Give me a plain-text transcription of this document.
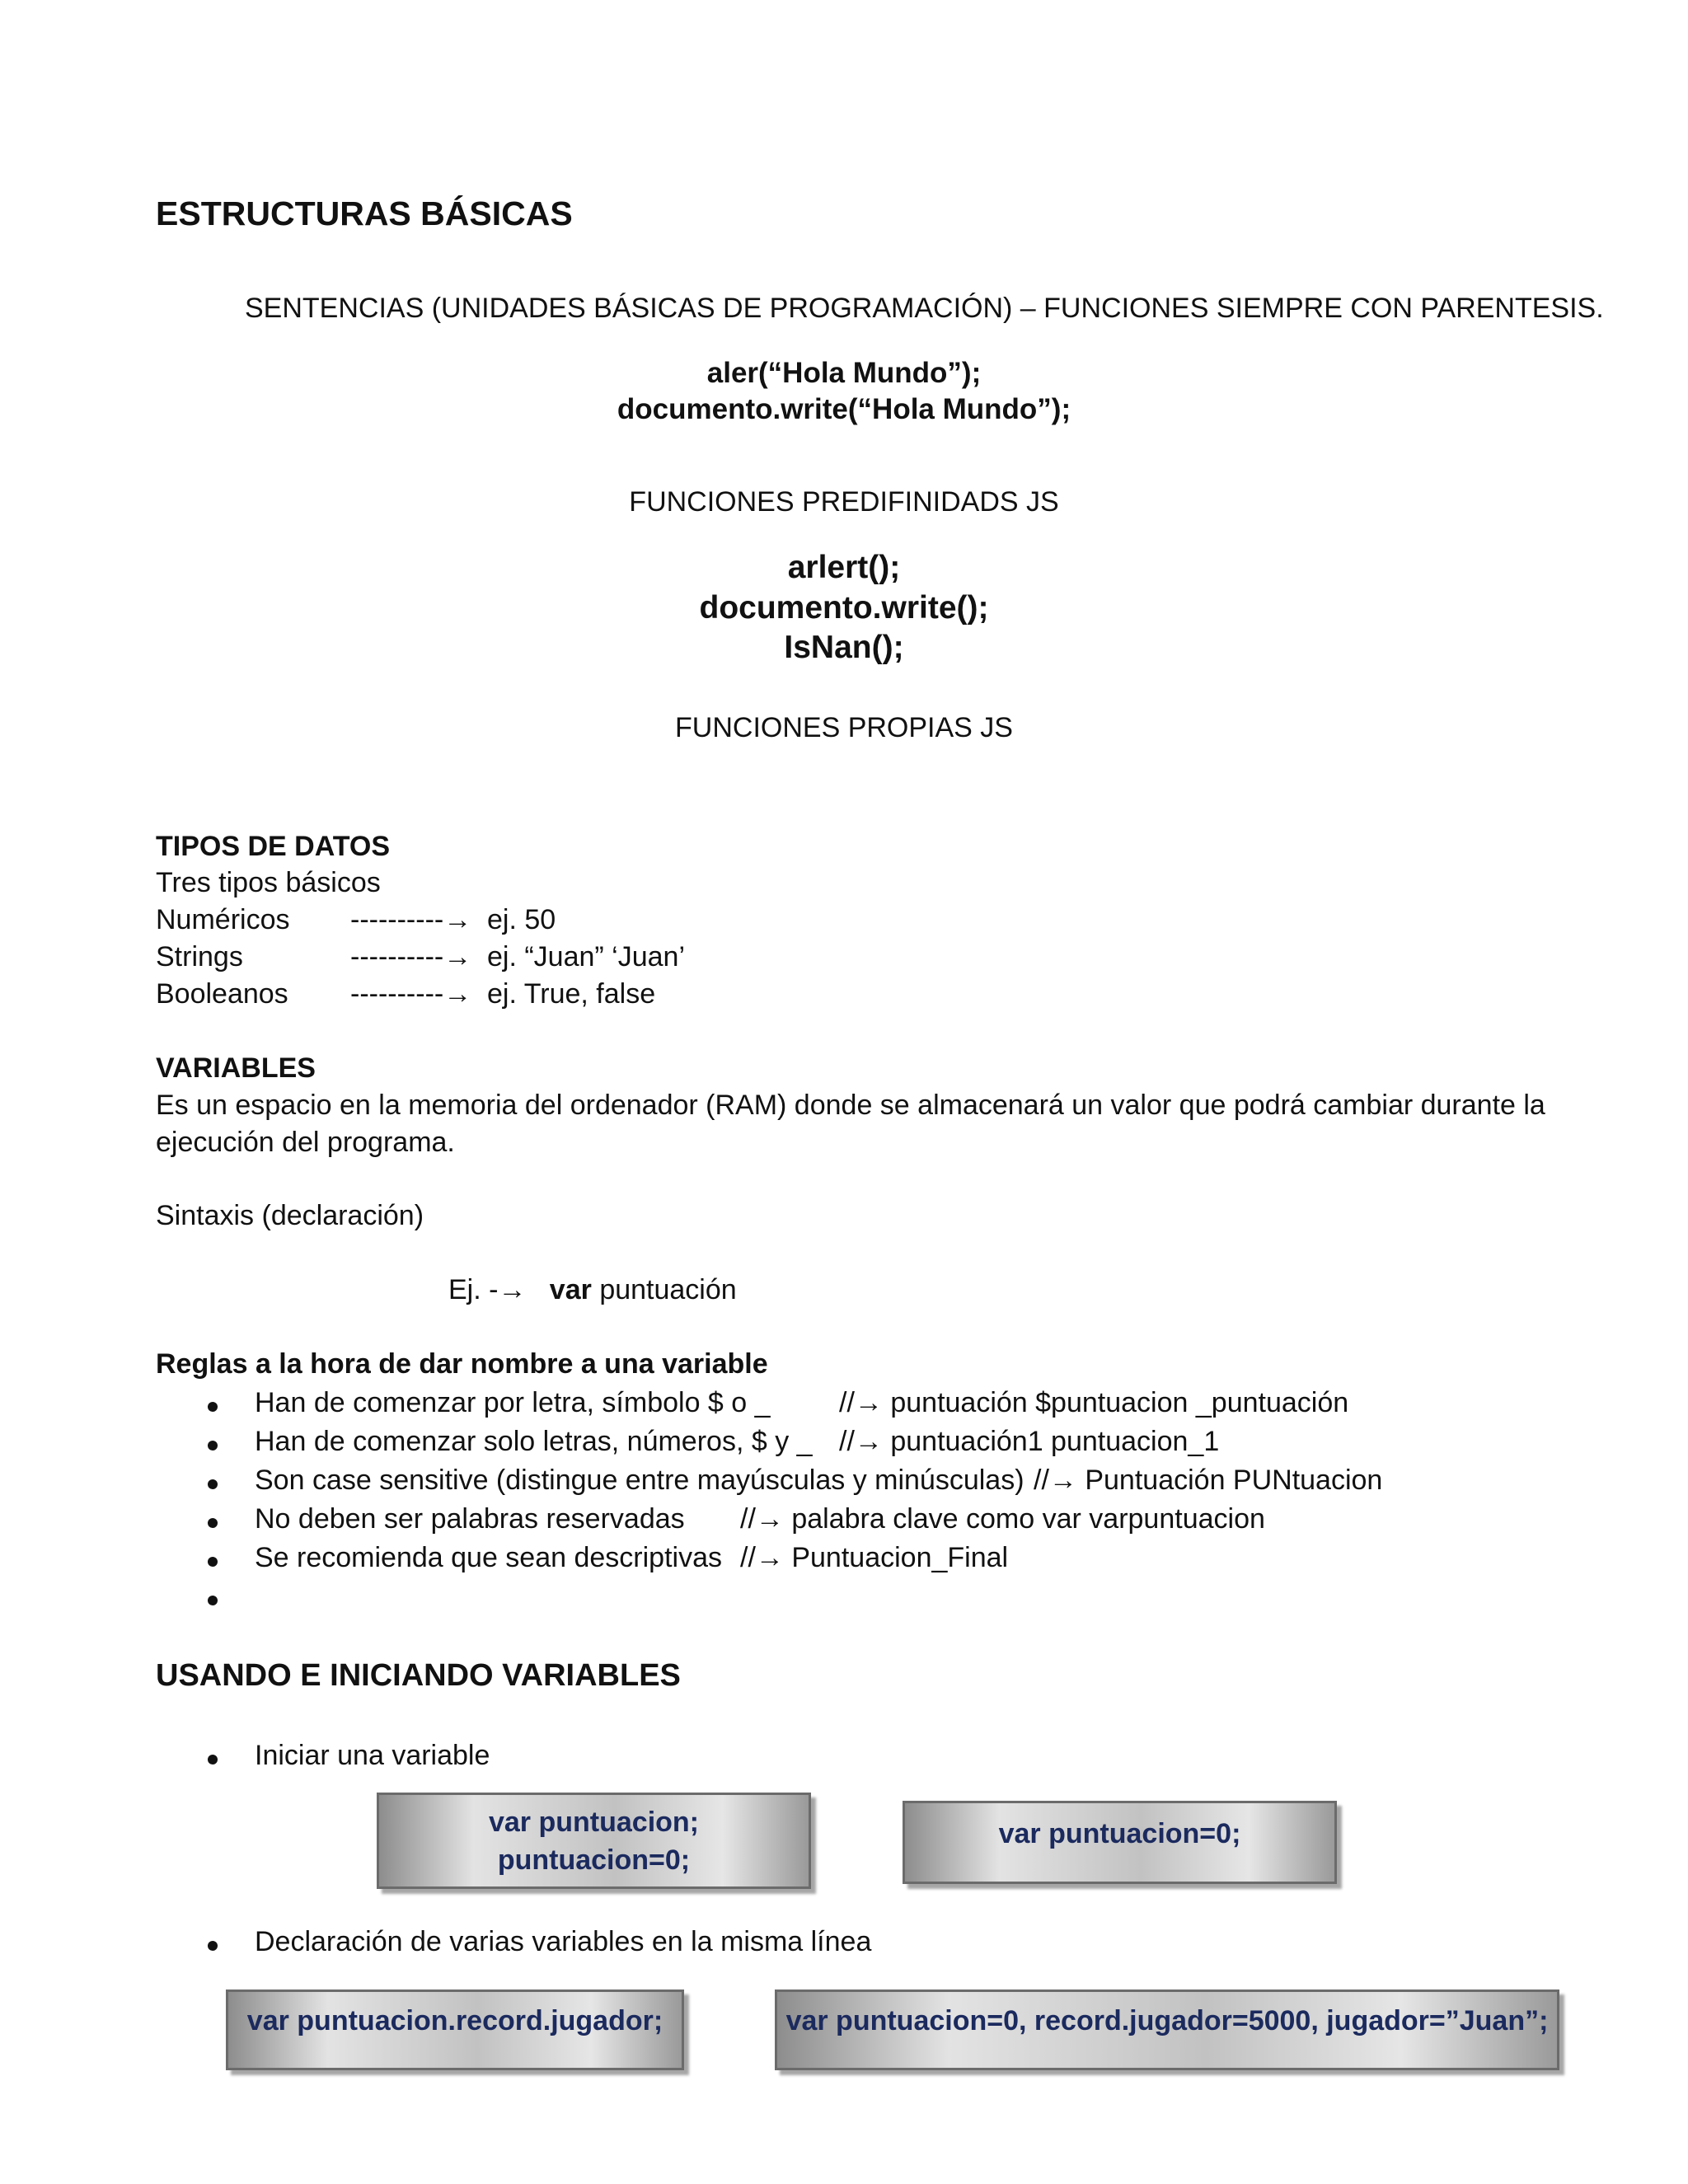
ESTRUCTURAS BÁSICAS
SENTENCIAS (UNIDADES BÁSICAS DE PROGRAMACIÓN) – FUNCIONES SIEMPRE CON PARENTESIS.
aler(“Hola Mundo”);
documento.write(“Hola Mundo”);
FUNCIONES PREDIFINIDADS JS
arlert();
documento.write();
IsNan();
FUNCIONES PROPIAS JS
TIPOS DE DATOS
Tres tipos básicos
Numéricos ----------→ ej. 50
Strings	----------→ ej. “Juan” ‘Juan’
Booleanos ----------→ ej. True, false
VARIABLES
Es un espacio en la memoria del ordenador (RAM) donde se almacenará un valor que podrá cambiar durante la
ejecución del programa.
Sintaxis (declaración)
Ej. -→ var puntuación
Reglas a la hora de dar nombre a una variable
Han de comenzar por letra, símbolo $ o _ //→ puntuación $puntuacion _puntuación
Han de comenzar solo letras, números, $ y _ //→ puntuación1 puntuacion_1
Son case sensitive (distingue entre mayúsculas y minúsculas) //→ Puntuación PUNtuacion
No deben ser palabras reservadas //→ palabra clave como var varpuntuacion
Se recomienda que sean descriptivas //→ Puntuacion_Final
USANDO E INICIANDO VARIABLES
Iniciar una variable
var puntuacion;
puntuacion=0;
var puntuacion=0;
Declaración de varias variables en la misma línea
var puntuacion.record.jugador;	var puntuacion=0, record.jugador=5000, jugador=”Juan”;
